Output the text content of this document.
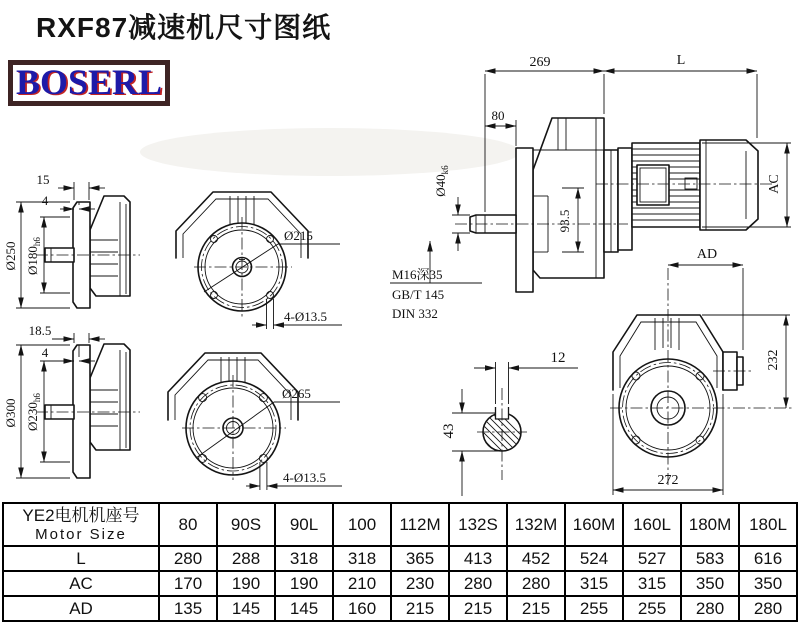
RXF87减速机尺寸图纸
BOSERL
15
4
Ø250 $Ø180_{h6}$
18.5
4
Ø300 $Ø230_{h6}$
Ø215
4-Ø13.5
Ø265
4-Ø13.5
269	L
80
$Ø40_{k6}$
93.5
AC
M16深35
GB/T 145
DIN 332
12
43
AD
232
272
YE2电机机座号
Motor Size	80	90S	90L	100	112M	132S	132M	160M	160L	180M	180L
L	280	288	318	318	365	413	452	524	527	583	616
AC	170	190	190	210	230	280	280	315	315	350	350
AD	135	145	145	160	215	215	215	255	255	280	280
